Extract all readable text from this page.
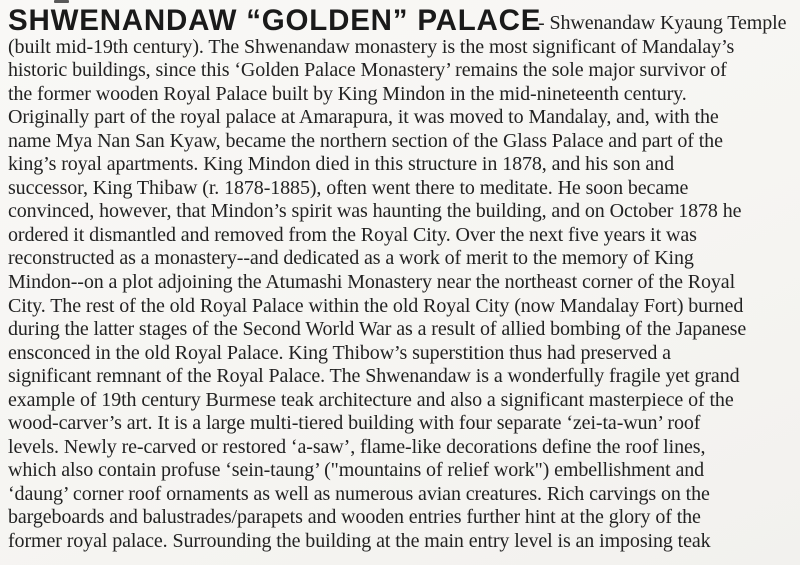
SHWENANDAW “GOLDEN” PALACE
- Shwenandaw Kyaung Temple
(built mid-19th century). The Shwenandaw monastery is the most significant of Mandalay’s
historic buildings, since this ‘Golden Palace Monastery’ remains the sole major survivor of
the former wooden Royal Palace built by King Mindon in the mid-nineteenth century.
Originally part of the royal palace at Amarapura, it was moved to Mandalay, and, with the
name Mya Nan San Kyaw, became the northern section of the Glass Palace and part of the
king’s royal apartments. King Mindon died in this structure in 1878, and his son and
successor, King Thibaw (r. 1878-1885), often went there to meditate. He soon became
convinced, however, that Mindon’s spirit was haunting the building, and on October 1878 he
ordered it dismantled and removed from the Royal City. Over the next five years it was
reconstructed as a monastery--and dedicated as a work of merit to the memory of King
Mindon--on a plot adjoining the Atumashi Monastery near the northeast corner of the Royal
City. The rest of the old Royal Palace within the old Royal City (now Mandalay Fort) burned
during the latter stages of the Second World War as a result of allied bombing of the Japanese
ensconced in the old Royal Palace. King Thibow’s superstition thus had preserved a
significant remnant of the Royal Palace. The Shwenandaw is a wonderfully fragile yet grand
example of 19th century Burmese teak architecture and also a significant masterpiece of the
wood-carver’s art. It is a large multi-tiered building with four separate ‘zei-ta-wun’ roof
levels. Newly re-carved or restored ‘a-saw’, flame-like decorations define the roof lines,
which also contain profuse ‘sein-taung’ ("mountains of relief work") embellishment and
‘daung’ corner roof ornaments as well as numerous avian creatures. Rich carvings on the
bargeboards and balustrades/parapets and wooden entries further hint at the glory of the
former royal palace. Surrounding the building at the main entry level is an imposing teak
